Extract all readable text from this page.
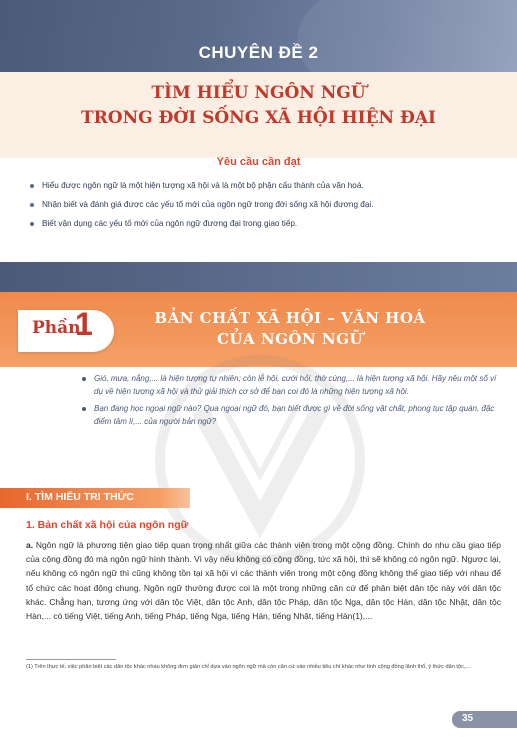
CHUYÊN ĐỀ 2
TÌM HIỂU NGÔN NGỮ
TRONG ĐỜI SỐNG XÃ HỘI HIỆN ĐẠI
Yêu cầu cần đạt
Hiểu được ngôn ngữ là một hiện tượng xã hội và là một bộ phận cấu thành của văn hoá.
Nhận biết và đánh giá được các yếu tố mới của ngôn ngữ trong đời sống xã hội đương đại.
Biết vận dụng các yếu tố mới của ngôn ngữ đương đại trong giao tiếp.
Phần
1	BẢN CHẤT XÃ HỘI – VĂN HOÁ
CỦA NGÔN NGỮ
Gió, mưa, nắng,... là hiện tượng tự nhiên; còn lễ hội, cưới hỏi, thờ cúng,... là hiện tượng xã hội. Hãy nêu một số ví dụ về hiện tượng xã hội và thử giải thích cơ sở để bạn coi đó là những hiện tượng xã hội.
Bạn đang học ngoại ngữ nào? Qua ngoại ngữ đó, bạn biết được gì về đời sống vật chất, phong tục tập quán, đặc điểm tâm lí,... của người bản ngữ?
I. TÌM HIỂU TRI THỨC
1. Bản chất xã hội của ngôn ngữ
a. Ngôn ngữ là phương tiện giao tiếp quan trọng nhất giữa các thành viên trong một cộng đồng. Chính do nhu cầu giao tiếp của cộng đồng đó mà ngôn ngữ hình thành. Vì vậy nếu không có cộng đồng, tức xã hội, thì sẽ không có ngôn ngữ. Ngược lại, nếu không có ngôn ngữ thì cũng không tồn tại xã hội vì các thành viên trong một cộng đồng không thể giao tiếp với nhau để tổ chức các hoạt động chung. Ngôn ngữ thường được coi là một trong những căn cứ để phân biệt dân tộc này với dân tộc khác. Chẳng hạn, tương ứng với dân tộc Việt, dân tộc Anh, dân tộc Pháp, dân tộc Nga, dân tộc Hán, dân tộc Nhật, dân tộc Hàn,... có tiếng Việt, tiếng Anh, tiếng Pháp, tiếng Nga, tiếng Hán, tiếng Nhật, tiếng Hàn(1),...
(1) Trên thực tế, việc phân biệt các dân tộc khác nhau không đơn giản chỉ dựa vào ngôn ngữ mà còn căn cứ vào nhiều tiêu chí khác như tính cộng đồng lãnh thổ, ý thức dân tộc,...
35
